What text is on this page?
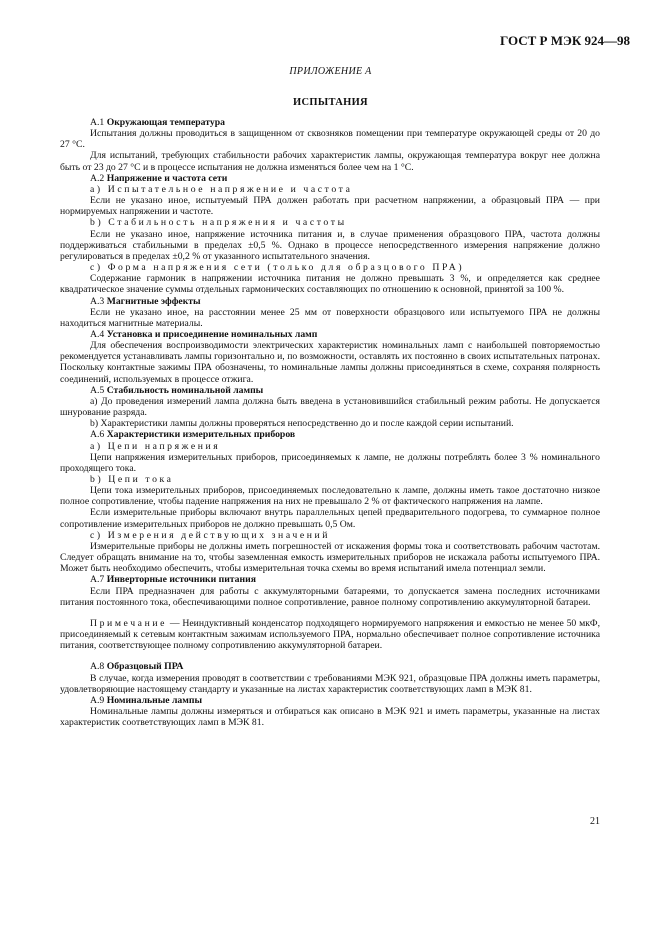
ГОСТ Р МЭК 924—98
ПРИЛОЖЕНИЕ А
ИСПЫТАНИЯ

А.1 Окружающая температура

Испытания должны проводиться в защищенном от сквозняков помещении при температуре окружающей среды от 20 до 27 °С.

Для испытаний, требующих стабильности рабочих характеристик лампы, окружающая температура вокруг нее должна быть от 23 до 27 °С и в процессе испытания не должна изменяться более чем на 1 °С.

А.2 Напряжение и частота сети

а) Испытательное напряжение и частота

Если не указано иное, испытуемый ПРА должен работать при расчетном напряжении, а образцовый ПРА — при нормируемых напряжении и частоте.

b) Стабильность напряжения и частоты

Если не указано иное, напряжение источника питания и, в случае применения образцового ПРА, частота должны поддерживаться стабильными в пределах ±0,5 %. Однако в процессе непосредственного измерения напряжение должно регулироваться в пределах ±0,2 % от указанного испытательного значения.

с) Форма напряжения сети (только для образцового ПРА)

Содержание гармоник в напряжении источника питания не должно превышать 3 %, и определяется как среднее квадратическое значение суммы отдельных гармонических составляющих по отношению к основной, принятой за 100 %.

А.3 Магнитные эффекты

Если не указано иное, на расстоянии менее 25 мм от поверхности образцового или испытуемого ПРА не должны находиться магнитные материалы.

А.4 Установка и присоединение номинальных ламп

Для обеспечения воспроизводимости электрических характеристик номинальных ламп с наибольшей повторяемостью рекомендуется устанавливать лампы горизонтально и, по возможности, оставлять их постоянно в своих испытательных патронах. Поскольку контактные зажимы ПРА обозначены, то номинальные лампы должны присоединяться в схеме, сохраняя полярность соединений, используемых в процессе отжига.

А.5 Стабильность номинальной лампы

а) До проведения измерений лампа должна быть введена в установившийся стабильный режим работы. Не допускается шнурование разряда.

b) Характеристики лампы должны проверяться непосредственно до и после каждой серии испытаний.

А.6 Характеристики измерительных приборов

а) Цепи напряжения

Цепи напряжения измерительных приборов, присоединяемых к лампе, не должны потреблять более 3 % номинального проходящего тока.

b) Цепи тока

Цепи тока измерительных приборов, присоединяемых последовательно к лампе, должны иметь такое достаточно низкое полное сопротивление, чтобы падение напряжения на них не превышало 2 % от фактического напряжения на лампе.

Если измерительные приборы включают внутрь параллельных цепей предварительного подогрева, то суммарное полное сопротивление измерительных приборов не должно превышать 0,5 Ом.

с) Измерения действующих значений

Измерительные приборы не должны иметь погрешностей от искажения формы тока и соответствовать рабочим частотам. Следует обращать внимание на то, чтобы заземленная емкость измерительных приборов не искажала работы испытуемого ПРА. Может быть необходимо обеспечить, чтобы измерительная точка схемы во время испытаний имела потенциал земли.

А.7 Инверторные источники питания

Если ПРА предназначен для работы с аккумуляторными батареями, то допускается замена последних источниками питания постоянного тока, обеспечивающими полное сопротивление, равное полному сопротивлению аккумуляторной батареи.

Примечание — Неиндуктивный конденсатор подходящего нормируемого напряжения и емкостью не менее 50 мкФ, присоединяемый к сетевым контактным зажимам используемого ПРА, нормально обеспечивает полное сопротивление источника питания, соответствующее полному сопротивлению аккумуляторной батареи.

А.8 Образцовый ПРА

В случае, когда измерения проводят в соответствии с требованиями МЭК 921, образцовые ПРА должны иметь параметры, удовлетворяющие настоящему стандарту и указанные на листах характеристик соответствующих ламп в МЭК 81.

А.9 Номинальные лампы

Номинальные лампы должны измеряться и отбираться как описано в МЭК 921 и иметь параметры, указанные на листах характеристик соответствующих ламп в МЭК 81.

21
